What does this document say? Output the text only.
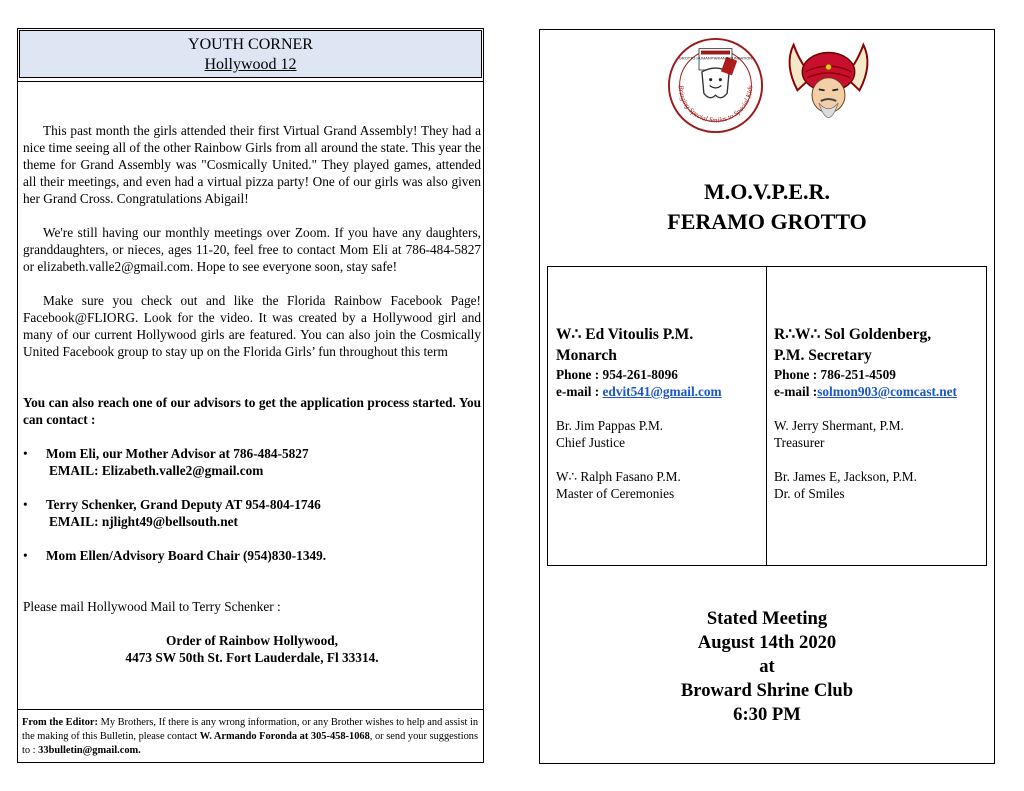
YOUTH CORNER
Hollywood 12

This past month the girls attended their first Virtual Grand Assembly! They had a nice time seeing all of the other Rainbow Girls from all around the state. This year the theme for Grand Assembly was "Cosmically United." They played games, attended all their meetings, and even had a virtual pizza party! One of our girls was also given her Grand Cross. Congratulations Abigail!

We're still having our monthly meetings over Zoom. If you have any daughters, granddaughters, or nieces, ages 11-20, feel free to contact Mom Eli at 786-484-5827 or elizabeth.valle2@gmail.com. Hope to see everyone soon, stay safe!

Make sure you check out and like the Florida Rainbow Facebook Page! Facebook@FLIORG. Look for the video. It was created by a Hollywood girl and many of our current Hollywood girls are featured. You can also join the Cosmically United Facebook group to stay up on the Florida Girls’ fun throughout this term

You can also reach one of our advisors to get the application process started. You can contact :

• Mom Eli, our Mother Advisor at 786-484-5827
EMAIL: Elizabeth.valle2@gmail.com
• Terry Schenker, Grand Deputy AT 954-804-1746
EMAIL: njlight49@bellsouth.net
• Mom Ellen/Advisory Board Chair (954)830-1349.

Please mail Hollywood Mail to Terry Schenker :

Order of Rainbow Hollywood,

4473 SW 50th St. Fort Lauderdale, Fl 33314.

From the Editor: My Brothers, If there is any wrong information, or any Brother wishes to help and assist in the making of this Bulletin, please contact W. Armando Foronda at 305-458-1068, or send your suggestions to : 33bulletin@gmail.com.
Bringing Special Smiles to Special Kids
GROTTO HUMANITARIAN FOUNDATION
M.O.V.P.E.R.
FERAMO GROTTO
W∴ Ed Vitoulis P.M.
Monarch
Phone : 954-261-8096
e-mail : edvit541@gmail.com
Br. Jim Pappas P.M.
Chief Justice
W∴ Ralph Fasano P.M.
Master of Ceremonies
R∴W∴ Sol Goldenberg,
P.M. Secretary
Phone : 786-251-4509
e-mail :solmon903@comcast.net
W. Jerry Shermant, P.M.
Treasurer
Br. James E, Jackson, P.M.
Dr. of Smiles
Stated Meeting
August 14th 2020
at
Broward Shrine Club
6:30 PM
